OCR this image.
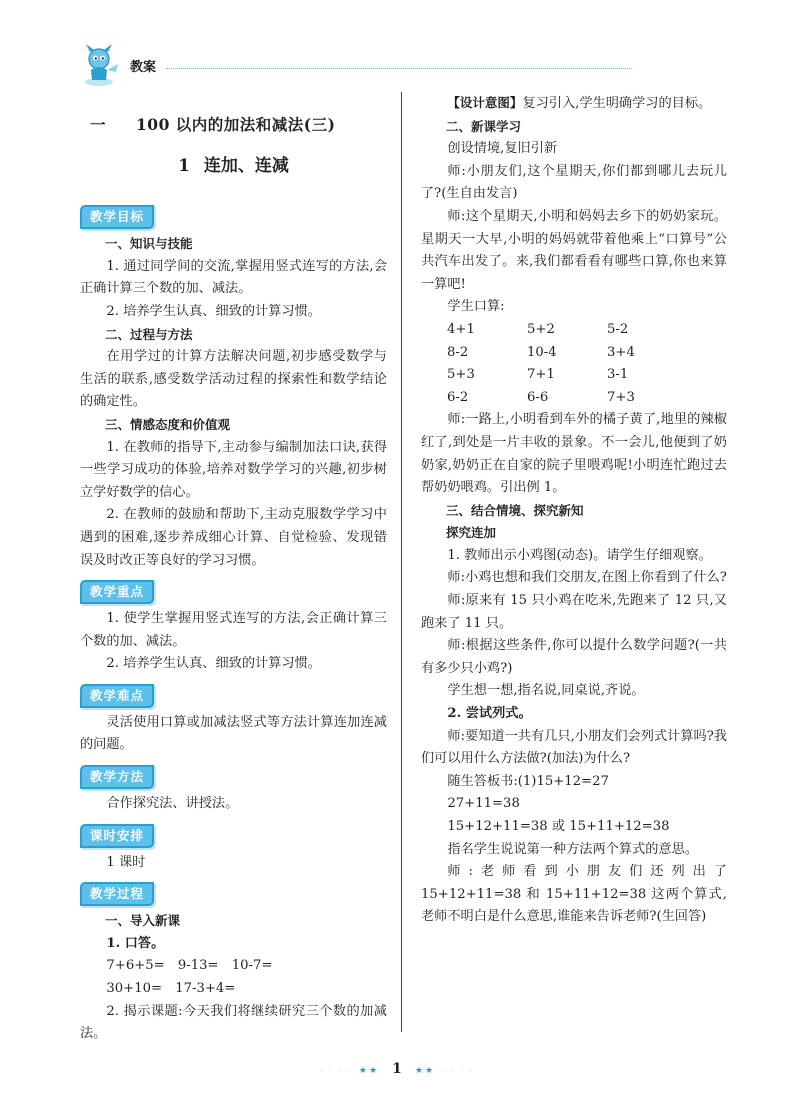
教案
一 100 以内的加法和减法(三)
1 连加、连减
教学目标

一、知识与技能

1. 通过同学间的交流,掌握用竖式连写的方法,会正确计算三个数的加、减法。

2. 培养学生认真、细致的计算习惯。

二、过程与方法

在用学过的计算方法解决问题,初步感受数学与生活的联系,感受数学活动过程的探索性和数学结论的确定性。

三、情感态度和价值观

1. 在教师的指导下,主动参与编制加法口诀,获得一些学习成功的体验,培养对数学学习的兴趣,初步树立学好数学的信心。

2. 在教师的鼓励和帮助下,主动克服数学学习中遇到的困难,逐步养成细心计算、自觉检验、发现错误及时改正等良好的学习习惯。

教学重点

1. 使学生掌握用竖式连写的方法,会正确计算三个数的加、减法。

2. 培养学生认真、细致的计算习惯。

教学难点

灵活使用口算或加减法竖式等方法计算连加连减的问题。

教学方法

合作探究法、讲授法。

课时安排

1 课时

教学过程

一、导入新课

1. 口答。

7+6+5=　9-13=　10-7=

30+10=　17-3+4=

2. 揭示课题:今天我们将继续研究三个数的加减法。

【设计意图】复习引入,学生明确学习的目标。

二、新课学习

创设情境,复旧引新

师:小朋友们,这个星期天,你们都到哪儿去玩儿了?(生自由发言)

师:这个星期天,小明和妈妈去乡下的奶奶家玩。星期天一大早,小明的妈妈就带着他乘上“口算号”公共汽车出发了。来,我们都看看有哪些口算,你也来算一算吧!

学生口算:

4+1	5+2	5-2
8-2	10-4	3+4
5+3	7+1	3-1
6-2	6-6	7+3

师:一路上,小明看到车外的橘子黄了,地里的辣椒红了,到处是一片丰收的景象。不一会儿,他便到了奶奶家,奶奶正在自家的院子里喂鸡呢!小明连忙跑过去帮奶奶喂鸡。引出例 1。

三、结合情境、探究新知

探究连加

1. 教师出示小鸡图(动态)。请学生仔细观察。

师:小鸡也想和我们交朋友,在图上你看到了什么?

师:原来有 15 只小鸡在吃米,先跑来了 12 只,又跑来了 11 只。

师:根据这些条件,你可以提什么数学问题?(一共有多少只小鸡?)

学生想一想,指名说,同桌说,齐说。

2. 尝试列式。

师:要知道一共有几只,小朋友们会列式计算吗?我们可以用什么方法做?(加法)为什么?

随生答板书:(1)15+12=27

27+11=38

15+12+11=38 或 15+11+12=38

指名学生说说第一种方法两个算式的意思。

师:老师看到小朋友们还列出了 15+12+11=38 和 15+11+12=38 这两个算式,老师不明白是什么意思,谁能来告诉老师?(生回答)

· · · · ★★ 1 ★★ · · · ·
